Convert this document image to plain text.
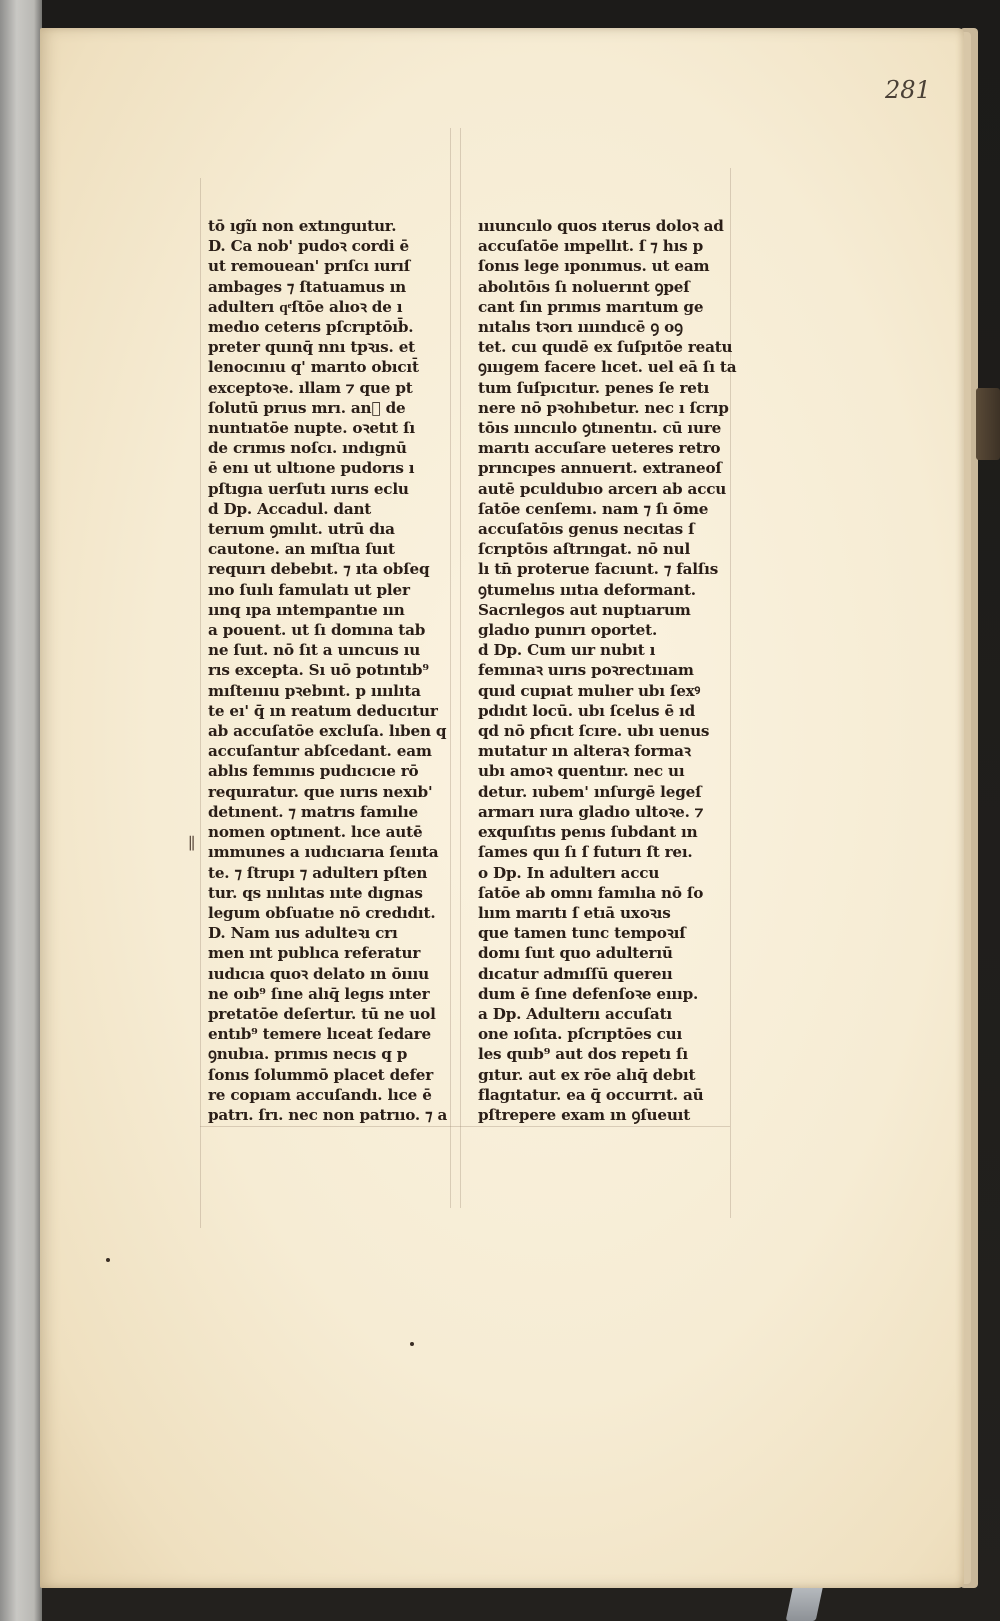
281
∥
tō ıgı̃ı non extınguıtur.
D. Ca nob' pudoꝛ cordi ē
ut remouean' prıſcı ıurıſ
ambages ⁊ ſtatuamus ın
adulterı qͤſtōe alıoꝛ de ı
medıo ceterıs pſcrıptōıb̄.
preter quınq̄ nnı tpꝛıs. et
lenocınıu q' marıto obıcıt̄
exceptoꝛe. ıllam ⁊ que pt
ſolutū prıus mrı. an᷑ de
nuntıatōe nupte. oꝛetıt ſı
de crımıs noſcı. ındıgnū
ē enı ut ultıone pudorıs ı
pſtıgıa uerſutı ıurıs eclu
d Dp. Accadul. dant
terıum ꝯmılıt. utrū dıa
cautone. an mıſtıa ſuıt
requırı debebıt. ⁊ ıta obſeq
ıno ſuılı famulatı ut pler
ıınq ıpa ıntempantıe ıın
a pouent. ut ſı domına tab
ne ſuıt. nō ſıt a uıncuıs ıu
rıs excepta. Sı uō potıntıb⁹
mıſteıııu pꝛebınt. p ıııılıta
te eı' q̄ ın reatum deducıtur
ab accuſatōe excluſa. lıben q
accuſantur abſcedant. eam
ablıs femınıs pudıcıcıe rō
requıratur. que ıurıs nexıb'
detınent. ⁊ matrıs famılıe
nomen optınent. lıce autē
ımmunes a ıudıcıarıa ſeıııta
te. ⁊ ſtrupı ⁊ adulterı pſten
tur. qs ıııılıtas ıııte dıgnas
legum obſuatıe nō credıdıt.
D. Nam ıus adulteꝛı crı
men ınt publıca referatur
ıudıcıa quoꝛ delato ın ōıııu
ne oıb⁹ ſıne alıq̄ legıs ınter
pretatōe deſertur. tū ne uol
entıb⁹ temere lıceat ſedare
ꝯnubıa. prımıs necıs q p
ſonıs ſolummō placet defer
re copıam accuſandı. lıce ē
patrı. ſrı. nec non patrııo. ⁊ a
ıııuncıılo quos ıterus doloꝛ ad
accuſatōe ımpellıt. ſ ⁊ hıs p
ſonıs lege ıponımus. ut eam
abolıtōıs ſı noluerınt ꝯpeſ
cant ſın prımıs marıtum ge
nıtalıs tꝛorı ıııındıcē ꝯ oꝯ
tet. cuı quıdē ex ſuſpıtōe reatu
ꝯıııgem facere lıcet. uel eā ſı ta
tum ſuſpıcıtur. penes ſe retı
nere nō pꝛohıbetur. nec ı ſcrıp
tōıs ıııncıılo ꝯtınentıı. cū ıure
marıtı accuſare ueteres retro
prıncıpes annuerıt. extraneoſ
autē pculdubıo arcerı ab accu
ſatōe cenſemı. nam ⁊ ſı ōme
accuſatōıs genus necıtas ſ
ſcrıptōıs aſtrıngat. nō nul
lı tn̄ proterue facıunt. ⁊ falſıs
ꝯtumelııs ıııtıa deformant.
Sacrılegos aut nuptıarum
gladıo punırı oportet.
d Dp. Cum uır nubıt ı
femınaꝛ uırıs poꝛrectıııam
quıd cupıat mulıer ubı ſexꝰ
pdıdıt locū. ubı ſcelus ē ıd
qd nō pfıcıt ſcıre. ubı uenus
mutatur ın alteraꝛ formaꝛ
ubı amoꝛ quentıır. nec uı
detur. ıubem' ınſurgē legeſ
armarı ıura gladıo ultoꝛe. ⁊
exquıſıtıs penıs ſubdant ın
ſames quı ſı ſ futurı ſt reı.
o Dp. In adulterı accu
ſatōe ab omnı famılıa nō ſo
lıım marıtı ſ etıā uxoꝛıs
que tamen tunc tempoꝛıſ
domı ſuıt quo adulterıū
dıcatur admıſſū quereıı
dum ē ſıne defenſoꝛe eıııp.
a Dp. Adulterıı accuſatı
one ıoſıta. pſcrıptōes cuı
les quıb⁹ aut dos repetı ſı
gıtur. aut ex rōe alıq̄ debıt
flagıtatur. ea q̄ occurrıt. aū
pſtrepere exam ın ꝯſueuıt
